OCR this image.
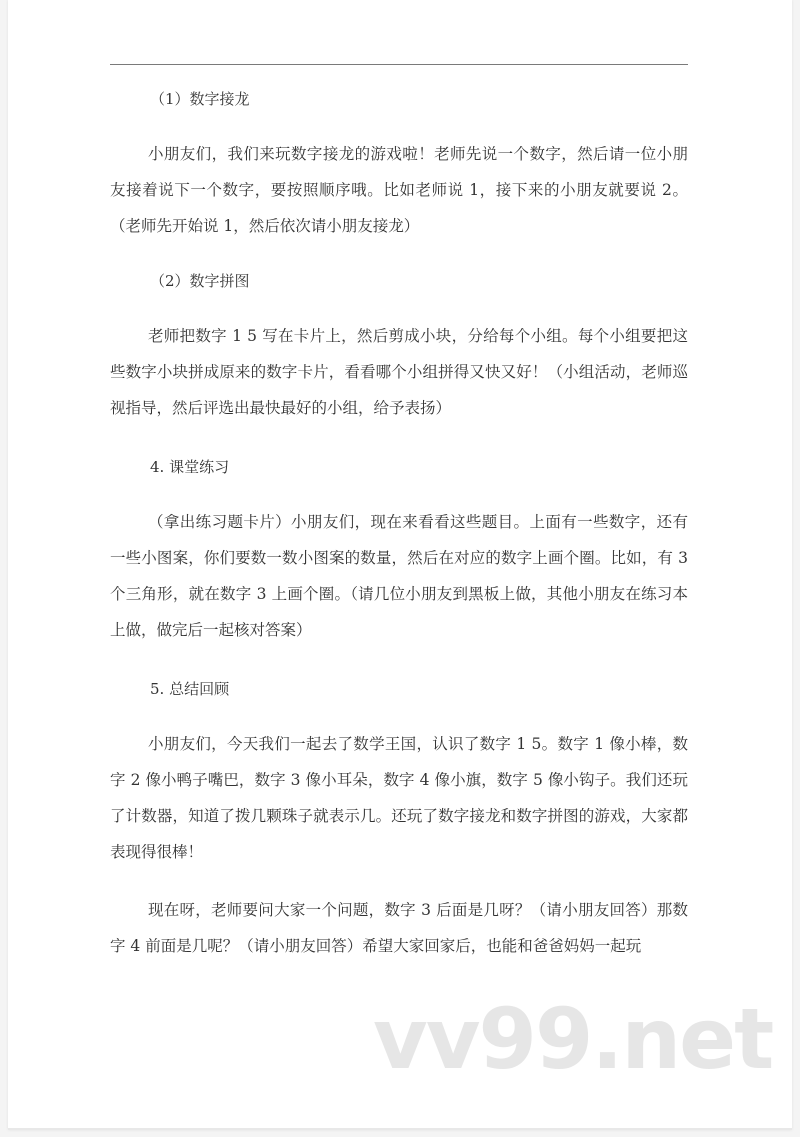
（1）数字接龙

小朋友们，我们来玩数字接龙的游戏啦！老师先说一个数字，然后请一位小朋友接着说下一个数字，要按照顺序哦。比如老师说 1，接下来的小朋友就要说 2。（老师先开始说 1，然后依次请小朋友接龙）

（2）数字拼图

老师把数字 1 5 写在卡片上，然后剪成小块，分给每个小组。每个小组要把这些数字小块拼成原来的数字卡片，看看哪个小组拼得又快又好！（小组活动，老师巡视指导，然后评选出最快最好的小组，给予表扬）

4. 课堂练习

（拿出练习题卡片）小朋友们，现在来看看这些题目。上面有一些数字，还有一些小图案，你们要数一数小图案的数量，然后在对应的数字上画个圈。比如，有 3 个三角形，就在数字 3 上画个圈。（请几位小朋友到黑板上做，其他小朋友在练习本上做，做完后一起核对答案）

5. 总结回顾

小朋友们，今天我们一起去了数学王国，认识了数字 1 5。数字 1 像小棒，数字 2 像小鸭子嘴巴，数字 3 像小耳朵，数字 4 像小旗，数字 5 像小钩子。我们还玩了计数器，知道了拨几颗珠子就表示几。还玩了数字接龙和数字拼图的游戏，大家都表现得很棒！

现在呀，老师要问大家一个问题，数字 3 后面是几呀？（请小朋友回答）那数字 4 前面是几呢？（请小朋友回答）希望大家回家后，也能和爸爸妈妈一起玩

vv99.net
